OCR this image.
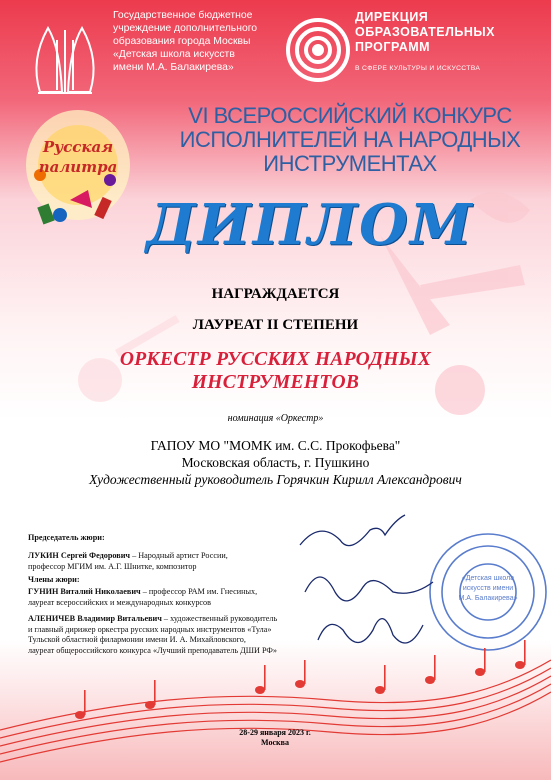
Русская
палитра
«Детская школа
искусств имени
М.А. Балакирева»
Государственное бюджетное
учреждение дополнительного
образования города Москвы
«Детская школа искусств
имени М.А. Балакирева»
ДИРЕКЦИЯ
ОБРАЗОВАТЕЛЬНЫХ
ПРОГРАММ
В СФЕРЕ КУЛЬТУРЫ И ИСКУССТВА
VI ВСЕРОССИЙСКИЙ КОНКУРС
ИСПОЛНИТЕЛЕЙ НА НАРОДНЫХ
ИНСТРУМЕНТАХ
ДИПЛОМ
НАГРАЖДАЕТСЯ
ЛАУРЕАТ II СТЕПЕНИ
ОРКЕСТР РУССКИХ НАРОДНЫХ
ИНСТРУМЕНТОВ
номинация «Оркестр»
ГАПОУ МО "МОМК им. С.С. Прокофьева"
Московская область, г. Пушкино
Художественный руководитель Горячкин Кирилл Александрович
Председатель жюри:
ЛУКИН Сергей Федорович – Народный артист России,
профессор МГИМ им. А.Г. Шнитке, композитор
Члены жюри:
ГУНИН Виталий Николаевич – профессор РАМ им. Гнесиных,
лауреат всероссийских и международных конкурсов
АЛЕНИЧЕВ Владимир Витальевич – художественный руководитель
и главный дирижер оркестра русских народных инструментов «Тула»
Тульской областной филармонии имени И. А. Михайловского,
лауреат общероссийского конкурса «Лучший преподаватель ДШИ РФ»
28-29 января 2023 г.
Москва
